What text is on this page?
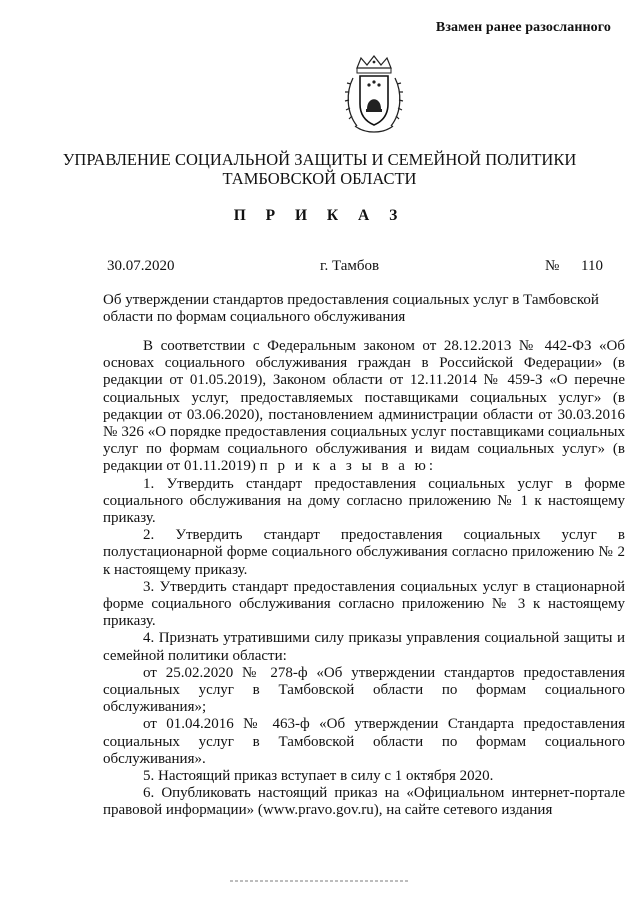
Взамен ранее разосланного
УПРАВЛЕНИЕ СОЦИАЛЬНОЙ ЗАЩИТЫ И СЕМЕЙНОЙ ПОЛИТИКИ
ТАМБОВСКОЙ ОБЛАСТИ
П Р И К А З
30.07.2020	г. Тамбов	№ 110
Об утверждении стандартов предоставления социальных услуг в Тамбовской области по формам социального обслуживания

В соответствии с Федеральным законом от 28.12.2013 № 442-ФЗ «Об основах социального обслуживания граждан в Российской Федерации» (в редакции от 01.05.2019), Законом области от 12.11.2014 № 459-З «О перечне социальных услуг, предоставляемых поставщиками социальных услуг» (в редакции от 03.06.2020), постановлением администрации области от 30.03.2016 № 326 «О порядке предоставления социальных услуг поставщиками социальных услуг по формам социального обслуживания и видам социальных услуг» (в редакции от 01.11.2019) п р и к а з ы в а ю:

1. Утвердить стандарт предоставления социальных услуг в форме социального обслуживания на дому согласно приложению № 1 к настоящему приказу.

2. Утвердить стандарт предоставления социальных услуг в полустационарной форме социального обслуживания согласно приложению № 2 к настоящему приказу.

3. Утвердить стандарт предоставления социальных услуг в стационарной форме социального обслуживания согласно приложению № 3 к настоящему приказу.

4. Признать утратившими силу приказы управления социальной защиты и семейной политики области:

от 25.02.2020 № 278-ф «Об утверждении стандартов предоставления социальных услуг в Тамбовской области по формам социального обслуживания»;

от 01.04.2016 № 463-ф «Об утверждении Стандарта предоставления социальных услуг в Тамбовской области по формам социального обслуживания».

5. Настоящий приказ вступает в силу с 1 октября 2020.

6. Опубликовать настоящий приказ на «Официальном интернет-портале правовой информации» (www.pravo.gov.ru), на сайте сетевого издания
